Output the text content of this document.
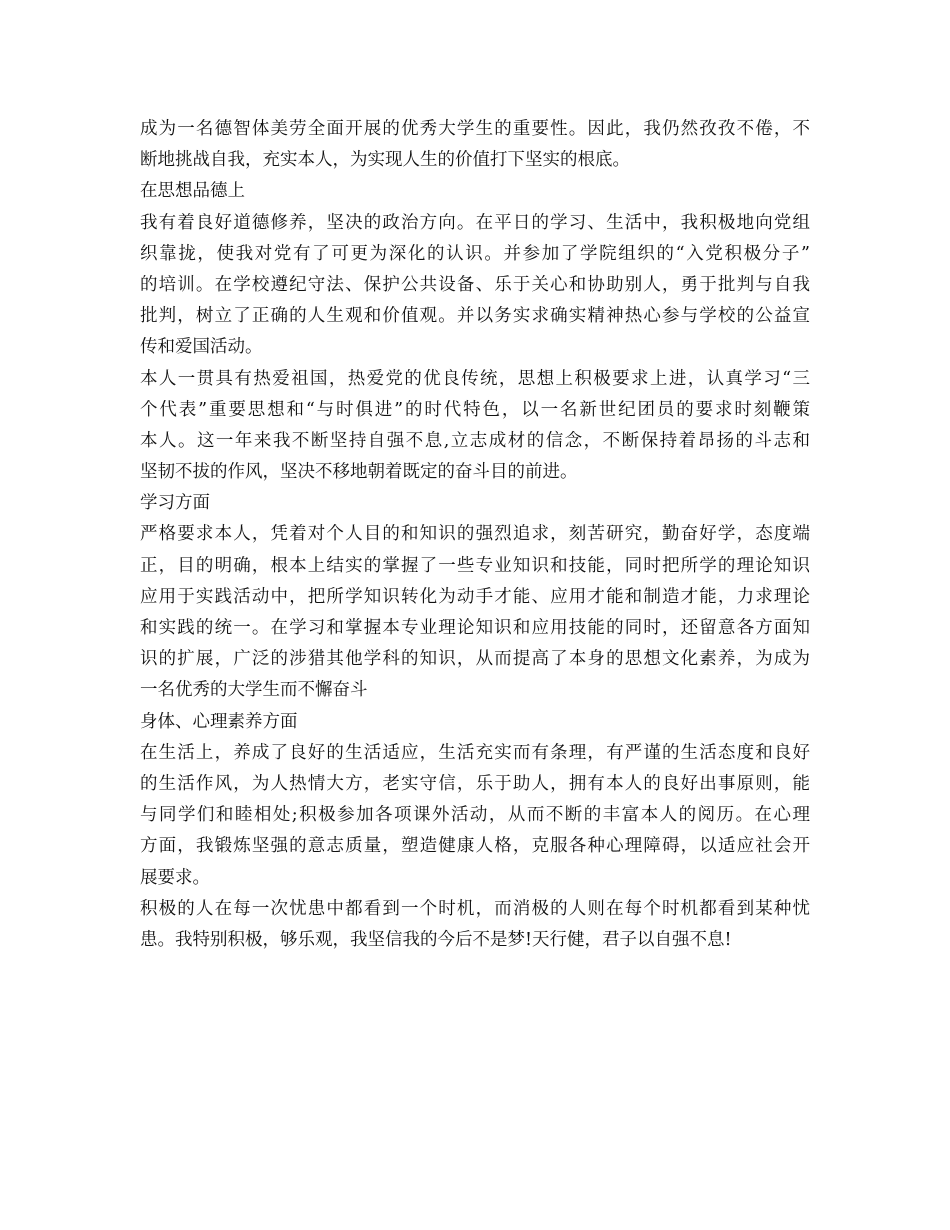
成为一名德智体美劳全面开展的优秀大学生的重要性。因此，我仍然孜孜不倦，不
断地挑战自我，充实本人，为实现人生的价值打下坚实的根底。
在思想品德上
我有着良好道德修养，坚决的政治方向。在平日的学习、生活中，我积极地向党组
织靠拢，使我对党有了可更为深化的认识。并参加了学院组织的“入党积极分子”
的培训。在学校遵纪守法、保护公共设备、乐于关心和协助别人，勇于批判与自我
批判，树立了正确的人生观和价值观。并以务实求确实精神热心参与学校的公益宣
传和爱国活动。
本人一贯具有热爱祖国，热爱党的优良传统，思想上积极要求上进，认真学习“三
个代表”重要思想和“与时俱进”的时代特色，以一名新世纪团员的要求时刻鞭策
本人。这一年来我不断坚持自强不息,立志成材的信念，不断保持着昂扬的斗志和
坚韧不拔的作风，坚决不移地朝着既定的奋斗目的前进。
学习方面
严格要求本人，凭着对个人目的和知识的强烈追求，刻苦研究，勤奋好学，态度端
正，目的明确，根本上结实的掌握了一些专业知识和技能，同时把所学的理论知识
应用于实践活动中，把所学知识转化为动手才能、应用才能和制造才能，力求理论
和实践的统一。在学习和掌握本专业理论知识和应用技能的同时，还留意各方面知
识的扩展，广泛的涉猎其他学科的知识，从而提高了本身的思想文化素养，为成为
一名优秀的大学生而不懈奋斗
身体、心理素养方面
在生活上，养成了良好的生活适应，生活充实而有条理，有严谨的生活态度和良好
的生活作风，为人热情大方，老实守信，乐于助人，拥有本人的良好出事原则，能
与同学们和睦相处;积极参加各项课外活动，从而不断的丰富本人的阅历。在心理
方面，我锻炼坚强的意志质量，塑造健康人格，克服各种心理障碍，以适应社会开
展要求。
积极的人在每一次忧患中都看到一个时机，而消极的人则在每个时机都看到某种忧
患。我特别积极，够乐观，我坚信我的今后不是梦!天行健，君子以自强不息!
